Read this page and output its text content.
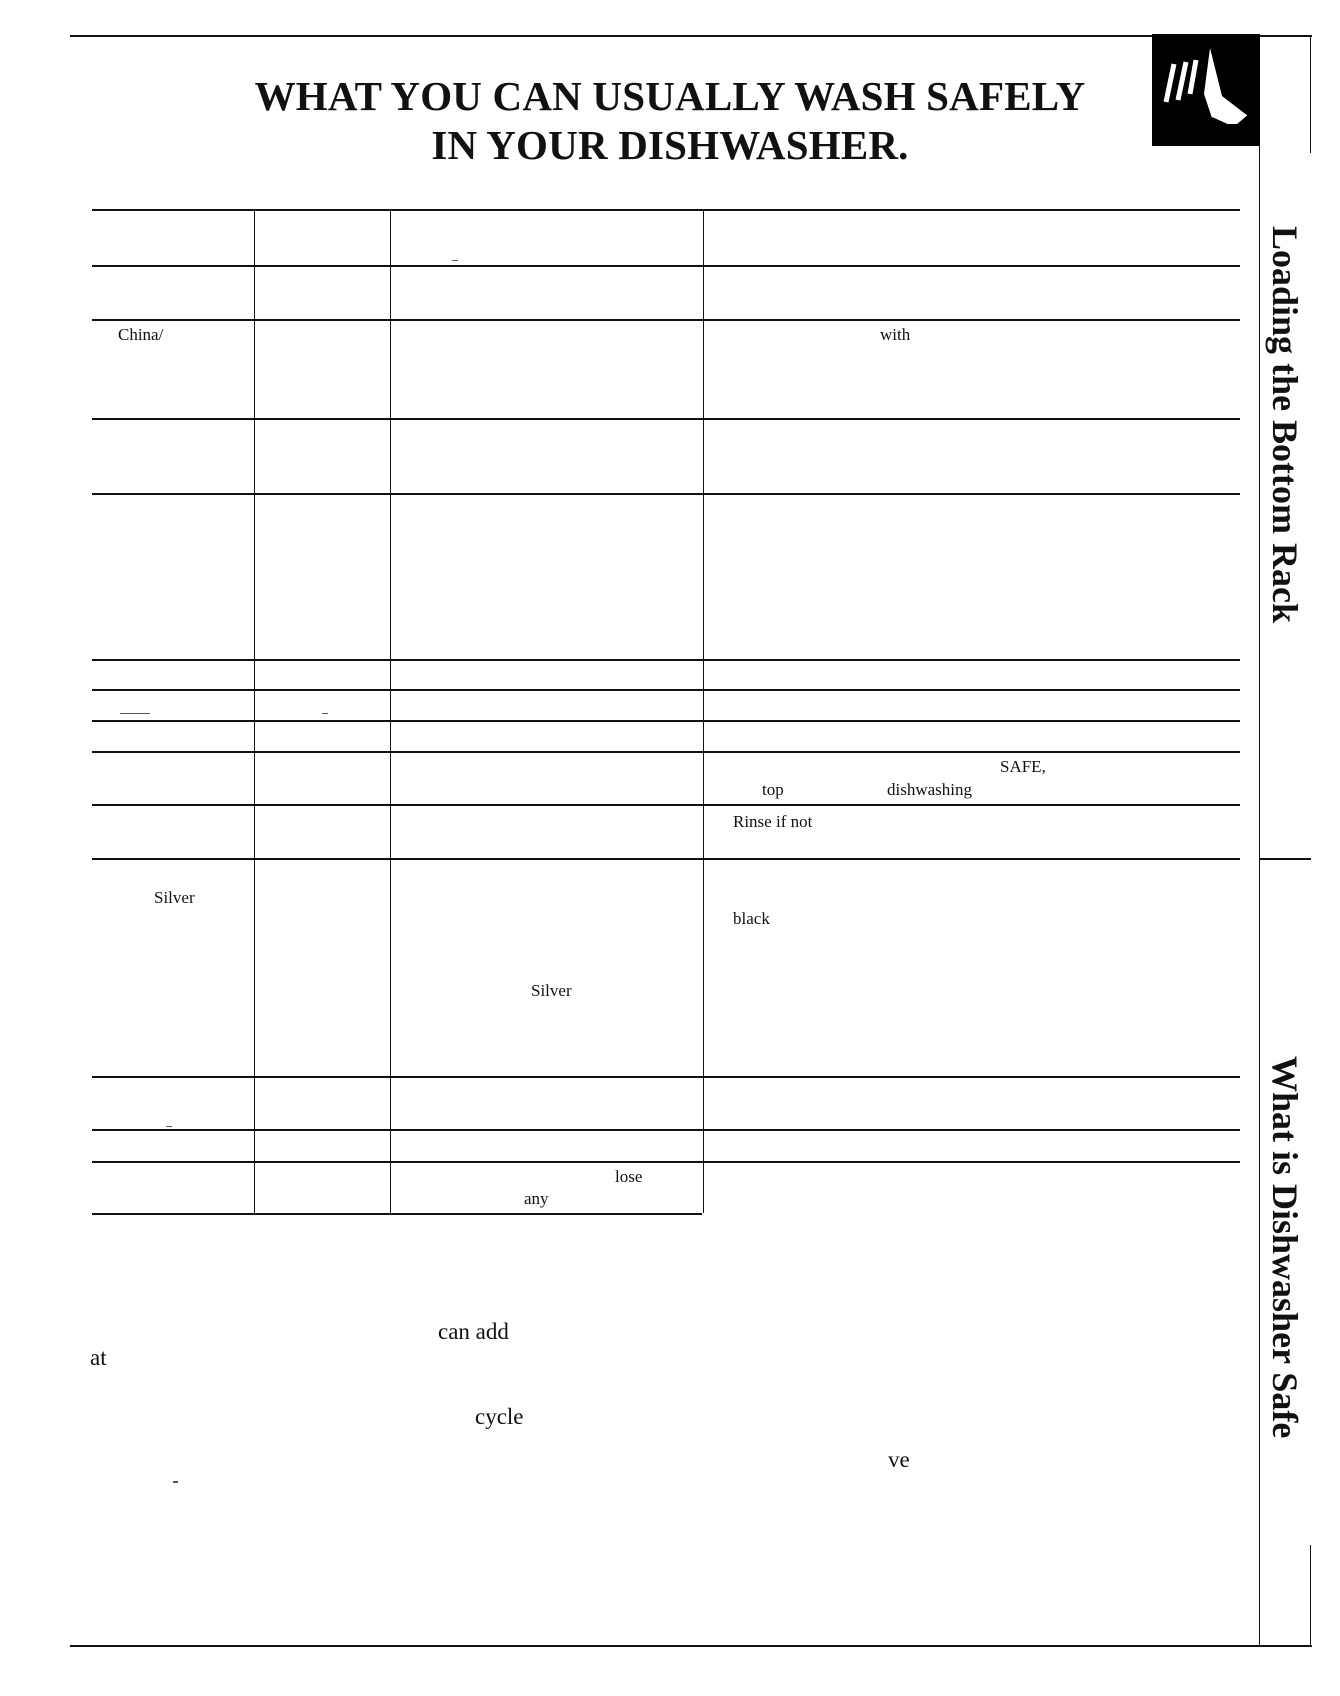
WHAT YOU CAN USUALLY WASH SAFELY
IN YOUR DISHWASHER.
Loading the Bottom Rack
What is Dishwasher Safe
China/	with
SAFE,
top	dishwashing
Rinse if not
Silver
black
Silver
lose
any
can add
at
cycle
ve
